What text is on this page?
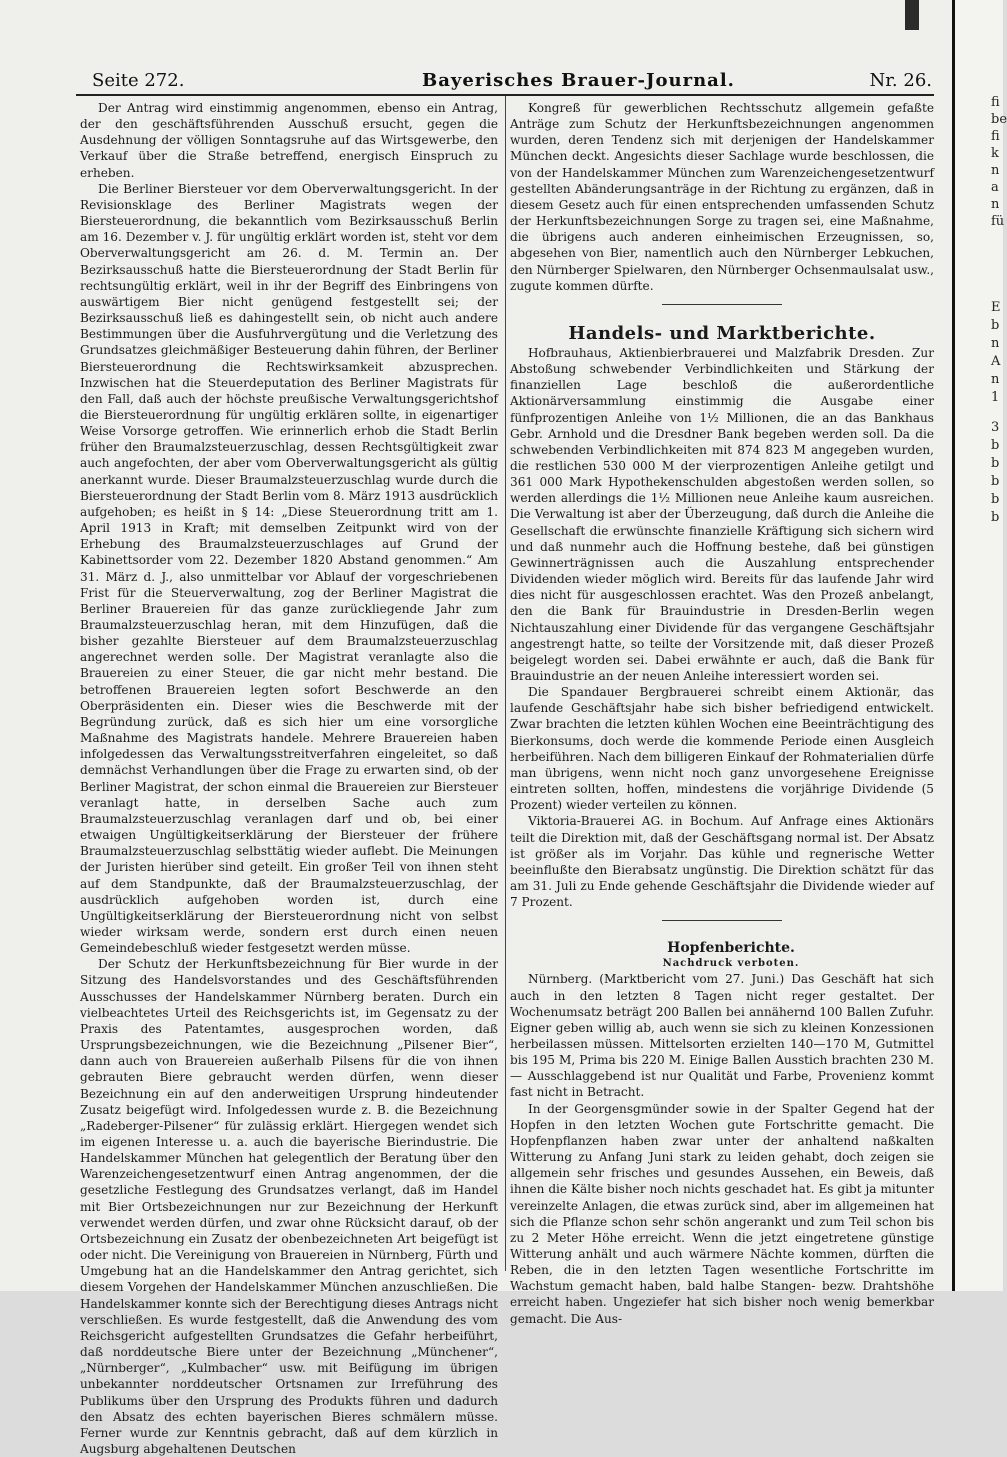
Seite 272.	Bayerisches Brauer-Journal.	Nr. 26.

Der Antrag wird einstimmig angenommen, ebenso ein Antrag, der den geschäftsführenden Ausschuß ersucht, gegen die Ausdehnung der völligen Sonntagsruhe auf das Wirtsgewerbe, den Verkauf über die Straße betreffend, energisch Einspruch zu erheben.

Die Berliner Biersteuer vor dem Oberverwaltungsgericht. In der Revisionsklage des Berliner Magistrats wegen der Biersteuerordnung, die bekanntlich vom Bezirksausschuß Berlin am 16. Dezember v. J. für ungültig erklärt worden ist, steht vor dem Oberverwaltungsgericht am 26. d. M. Termin an. Der Bezirksausschuß hatte die Biersteuerordnung der Stadt Berlin für rechtsungültig erklärt, weil in ihr der Begriff des Einbringens von auswärtigem Bier nicht genügend festgestellt sei; der Bezirksausschuß ließ es dahingestellt sein, ob nicht auch andere Bestimmungen über die Ausfuhrvergütung und die Verletzung des Grundsatzes gleichmäßiger Besteuerung dahin führen, der Berliner Biersteuerordnung die Rechtswirksamkeit abzusprechen. Inzwischen hat die Steuerdeputation des Berliner Magistrats für den Fall, daß auch der höchste preußische Verwaltungsgerichtshof die Biersteuerordnung für ungültig erklären sollte, in eigenartiger Weise Vorsorge getroffen. Wie erinnerlich erhob die Stadt Berlin früher den Braumalzsteuerzuschlag, dessen Rechtsgültigkeit zwar auch angefochten, der aber vom Oberverwaltungsgericht als gültig anerkannt wurde. Dieser Braumalzsteuerzuschlag wurde durch die Biersteuerordnung der Stadt Berlin vom 8. März 1913 ausdrücklich aufgehoben; es heißt in § 14: „Diese Steuerordnung tritt am 1. April 1913 in Kraft; mit demselben Zeitpunkt wird von der Erhebung des Braumalzsteuerzuschlages auf Grund der Kabinettsorder vom 22. Dezember 1820 Abstand genommen.“ Am 31. März d. J., also unmittelbar vor Ablauf der vorgeschriebenen Frist für die Steuerverwaltung, zog der Berliner Magistrat die Berliner Brauereien für das ganze zurückliegende Jahr zum Braumalzsteuerzuschlag heran, mit dem Hinzufügen, daß die bisher gezahlte Biersteuer auf dem Braumalzsteuerzuschlag angerechnet werden solle. Der Magistrat veranlagte also die Brauereien zu einer Steuer, die gar nicht mehr bestand. Die betroffenen Brauereien legten sofort Beschwerde an den Oberpräsidenten ein. Dieser wies die Beschwerde mit der Begründung zurück, daß es sich hier um eine vorsorgliche Maßnahme des Magistrats handele. Mehrere Brauereien haben infolgedessen das Verwaltungsstreitverfahren eingeleitet, so daß demnächst Verhandlungen über die Frage zu erwarten sind, ob der Berliner Magistrat, der schon einmal die Brauereien zur Biersteuer veranlagt hatte, in derselben Sache auch zum Braumalzsteuerzuschlag veranlagen darf und ob, bei einer etwaigen Ungültigkeitserklärung der Biersteuer der frühere Braumalzsteuerzuschlag selbsttätig wieder auflebt. Die Meinungen der Juristen hierüber sind geteilt. Ein großer Teil von ihnen steht auf dem Standpunkte, daß der Braumalzsteuerzuschlag, der ausdrücklich aufgehoben worden ist, durch eine Ungültigkeitserklärung der Biersteuerordnung nicht von selbst wieder wirksam werde, sondern erst durch einen neuen Gemeindebeschluß wieder festgesetzt werden müsse.

Der Schutz der Herkunftsbezeichnung für Bier wurde in der Sitzung des Handelsvorstandes und des Geschäftsführenden Ausschusses der Handelskammer Nürnberg beraten. Durch ein vielbeachtetes Urteil des Reichsgerichts ist, im Gegensatz zu der Praxis des Patentamtes, ausgesprochen worden, daß Ursprungsbezeichnungen, wie die Bezeichnung „Pilsener Bier“, dann auch von Brauereien außerhalb Pilsens für die von ihnen gebrauten Biere gebraucht werden dürfen, wenn dieser Bezeichnung ein auf den anderweitigen Ursprung hindeutender Zusatz beigefügt wird. Infolgedessen wurde z. B. die Bezeichnung „Radeberger-Pilsener“ für zulässig erklärt. Hiergegen wendet sich im eigenen Interesse u. a. auch die bayerische Bierindustrie. Die Handelskammer München hat gelegentlich der Beratung über den Warenzeichengesetzentwurf einen Antrag angenommen, der die gesetzliche Festlegung des Grundsatzes verlangt, daß im Handel mit Bier Ortsbezeichnungen nur zur Bezeichnung der Herkunft verwendet werden dürfen, und zwar ohne Rücksicht darauf, ob der Ortsbezeichnung ein Zusatz der obenbezeichneten Art beigefügt ist oder nicht. Die Vereinigung von Brauereien in Nürnberg, Fürth und Umgebung hat an die Handelskammer den Antrag gerichtet, sich diesem Vorgehen der Handelskammer München anzuschließen. Die Handelskammer konnte sich der Berechtigung dieses Antrags nicht verschließen. Es wurde festgestellt, daß die Anwendung des vom Reichsgericht aufgestellten Grundsatzes die Gefahr herbeiführt, daß norddeutsche Biere unter der Bezeichnung „Münchener“, „Nürnberger“, „Kulmbacher“ usw. mit Beifügung im übrigen unbekannter norddeutscher Ortsnamen zur Irreführung des Publikums über den Ursprung des Produkts führen und dadurch den Absatz des echten bayerischen Bieres schmälern müsse. Ferner wurde zur Kenntnis gebracht, daß auf dem kürzlich in Augsburg abgehaltenen Deutschen

Kongreß für gewerblichen Rechtsschutz allgemein gefaßte Anträge zum Schutz der Herkunftsbezeichnungen angenommen wurden, deren Tendenz sich mit derjenigen der Handelskammer München deckt. Angesichts dieser Sachlage wurde beschlossen, die von der Handelskammer München zum Warenzeichengesetzentwurf gestellten Abänderungsanträge in der Richtung zu ergänzen, daß in diesem Gesetz auch für einen entsprechenden umfassenden Schutz der Herkunftsbezeichnungen Sorge zu tragen sei, eine Maßnahme, die übrigens auch anderen einheimischen Erzeugnissen, so, abgesehen von Bier, namentlich auch den Nürnberger Lebkuchen, den Nürnberger Spielwaren, den Nürnberger Ochsenmaulsalat usw., zugute kommen dürfte.

Handels- und Marktberichte.

Hofbrauhaus, Aktienbierbrauerei und Malzfabrik Dresden. Zur Abstoßung schwebender Verbindlichkeiten und Stärkung der finanziellen Lage beschloß die außerordentliche Aktionärversammlung einstimmig die Ausgabe einer fünfprozentigen Anleihe von 1½ Millionen, die an das Bankhaus Gebr. Arnhold und die Dresdner Bank begeben werden soll. Da die schwebenden Verbindlichkeiten mit 874 823 M angegeben wurden, die restlichen 530 000 M der vierprozentigen Anleihe getilgt und 361 000 Mark Hypothekenschulden abgestoßen werden sollen, so werden allerdings die 1½ Millionen neue Anleihe kaum ausreichen. Die Verwaltung ist aber der Überzeugung, daß durch die Anleihe die Gesellschaft die erwünschte finanzielle Kräftigung sich sichern wird und daß nunmehr auch die Hoffnung bestehe, daß bei günstigen Gewinnerträgnissen auch die Auszahlung entsprechender Dividenden wieder möglich wird. Bereits für das laufende Jahr wird dies nicht für ausgeschlossen erachtet. Was den Prozeß anbelangt, den die Bank für Brauindustrie in Dresden-Berlin wegen Nichtauszahlung einer Dividende für das vergangene Geschäftsjahr angestrengt hatte, so teilte der Vorsitzende mit, daß dieser Prozeß beigelegt worden sei. Dabei erwähnte er auch, daß die Bank für Brauindustrie an der neuen Anleihe interessiert worden sei.

Die Spandauer Bergbrauerei schreibt einem Aktionär, das laufende Geschäftsjahr habe sich bisher befriedigend entwickelt. Zwar brachten die letzten kühlen Wochen eine Beeinträchtigung des Bierkonsums, doch werde die kommende Periode einen Ausgleich herbeiführen. Nach dem billigeren Einkauf der Rohmaterialien dürfe man übrigens, wenn nicht noch ganz unvorgesehene Ereignisse eintreten sollten, hoffen, mindestens die vorjährige Dividende (5 Prozent) wieder verteilen zu können.

Viktoria-Brauerei AG. in Bochum. Auf Anfrage eines Aktionärs teilt die Direktion mit, daß der Geschäftsgang normal ist. Der Absatz ist größer als im Vorjahr. Das kühle und regnerische Wetter beeinflußte den Bierabsatz ungünstig. Die Direktion schätzt für das am 31. Juli zu Ende gehende Geschäftsjahr die Dividende wieder auf 7 Prozent.

Hopfenberichte.

Nachdruck verboten.

Nürnberg. (Marktbericht vom 27. Juni.) Das Geschäft hat sich auch in den letzten 8 Tagen nicht reger gestaltet. Der Wochenumsatz beträgt 200 Ballen bei annähernd 100 Ballen Zufuhr. Eigner geben willig ab, auch wenn sie sich zu kleinen Konzessionen herbeilassen müssen. Mittelsorten erzielten 140—170 M, Gutmittel bis 195 M, Prima bis 220 M. Einige Ballen Ausstich brachten 230 M. — Ausschlaggebend ist nur Qualität und Farbe, Provenienz kommt fast nicht in Betracht.

In der Georgensgmünder sowie in der Spalter Gegend hat der Hopfen in den letzten Wochen gute Fortschritte gemacht. Die Hopfenpflanzen haben zwar unter der anhaltend naßkalten Witterung zu Anfang Juni stark zu leiden gehabt, doch zeigen sie allgemein sehr frisches und gesundes Aussehen, ein Beweis, daß ihnen die Kälte bisher noch nichts geschadet hat. Es gibt ja mitunter vereinzelte Anlagen, die etwas zurück sind, aber im allgemeinen hat sich die Pflanze schon sehr schön angerankt und zum Teil schon bis zu 2 Meter Höhe erreicht. Wenn die jetzt eingetretene günstige Witterung anhält und auch wärmere Nächte kommen, dürften die Reben, die in den letzten Tagen wesentliche Fortschritte im Wachstum gemacht haben, bald halbe Stangen- bezw. Drahtshöhe erreicht haben. Ungeziefer hat sich bisher noch wenig bemerkbar gemacht. Die Aus-

fi
be
fi
k
n
a
n
fü
E
b
n
A
n
1
3
b
b
b
b
b
